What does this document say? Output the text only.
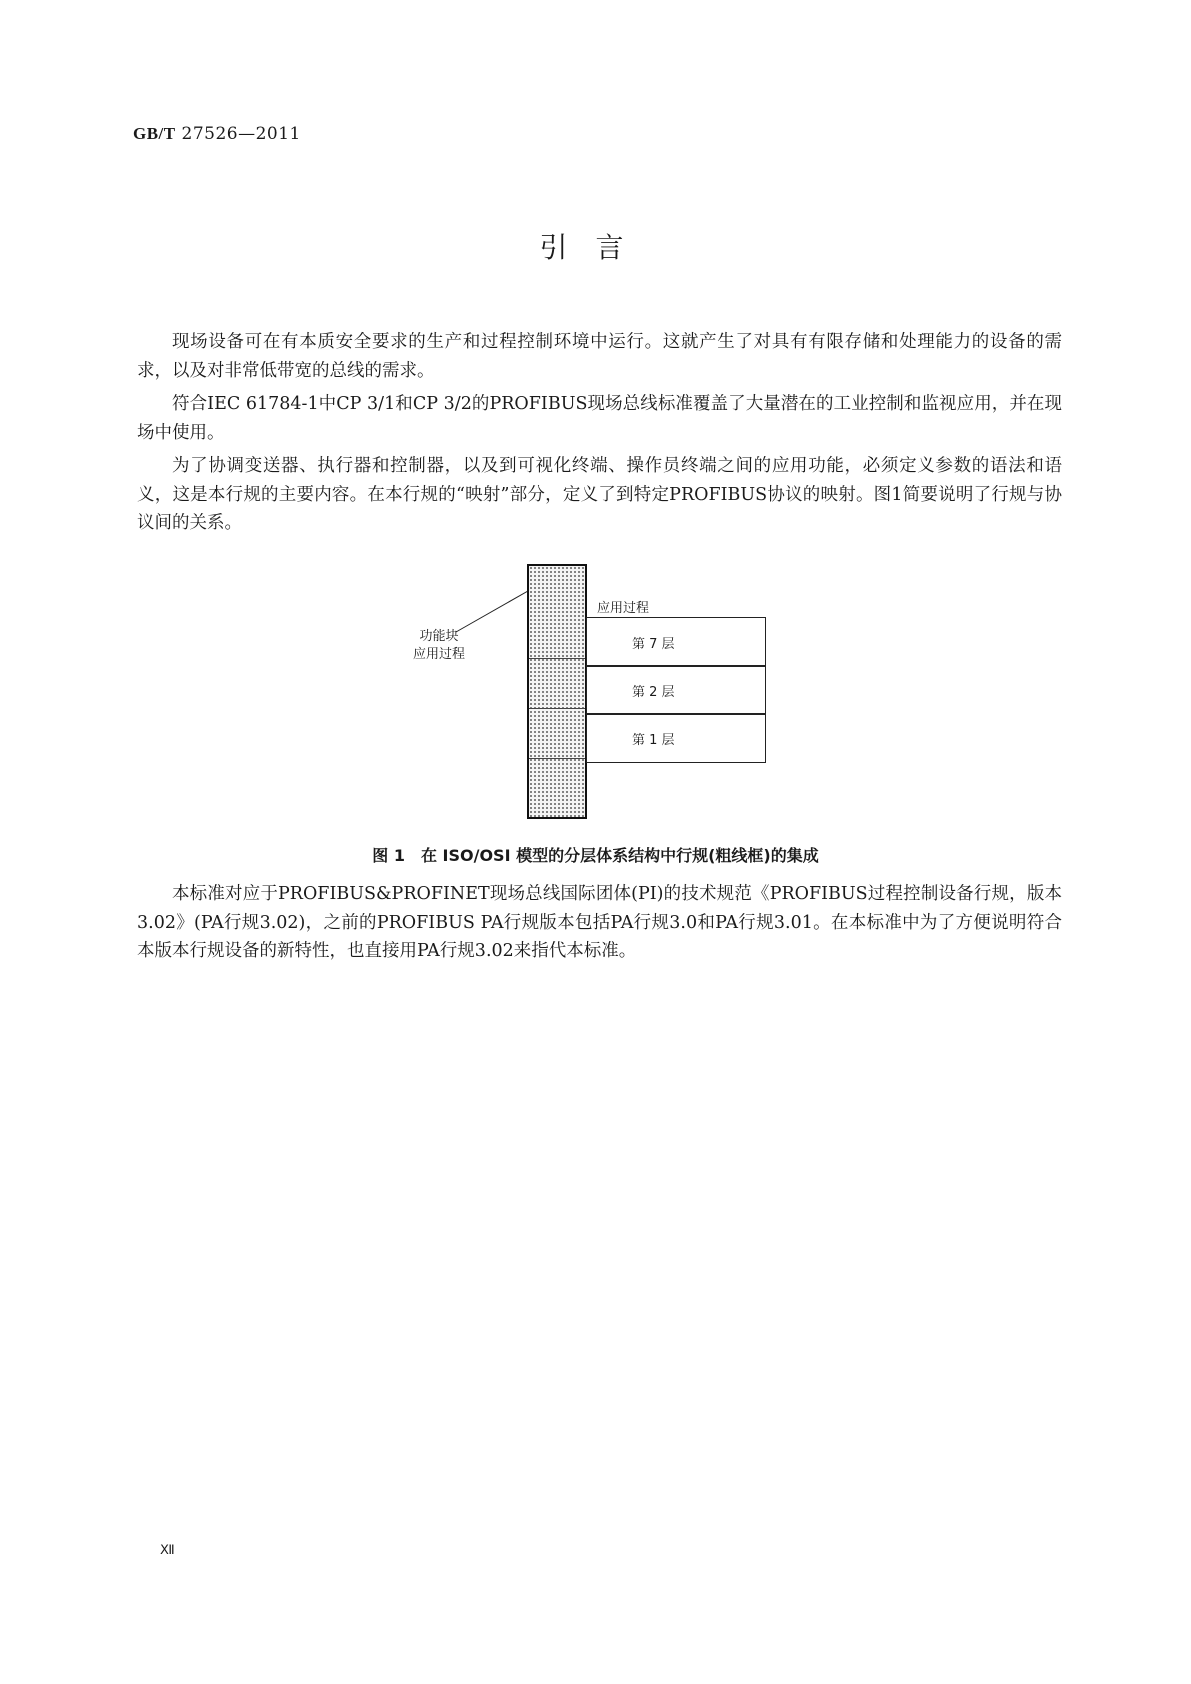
GB/T 27526—2011
引言

现场设备可在有本质安全要求的生产和过程控制环境中运行。这就产生了对具有有限存储和处理能力的设备的需求，以及对非常低带宽的总线的需求。

符合IEC 61784-1中CP 3/1和CP 3/2的PROFIBUS现场总线标准覆盖了大量潜在的工业控制和监视应用，并在现场中使用。

为了协调变送器、执行器和控制器，以及到可视化终端、操作员终端之间的应用功能，必须定义参数的语法和语义，这是本行规的主要内容。在本行规的“映射”部分，定义了到特定PROFIBUS协议的映射。图1简要说明了行规与协议间的关系。

应用过程
功能块
应用过程
第 7 层
第 2 层
第 1 层
图 1　在 ISO/OSI 模型的分层体系结构中行规(粗线框)的集成

本标准对应于PROFIBUS&PROFINET现场总线国际团体(PI)的技术规范《PROFIBUS过程控制设备行规，版本3.02》(PA行规3.02)，之前的PROFIBUS PA行规版本包括PA行规3.0和PA行规3.01。在本标准中为了方便说明符合本版本行规设备的新特性，也直接用PA行规3.02来指代本标准。

Ⅻ
